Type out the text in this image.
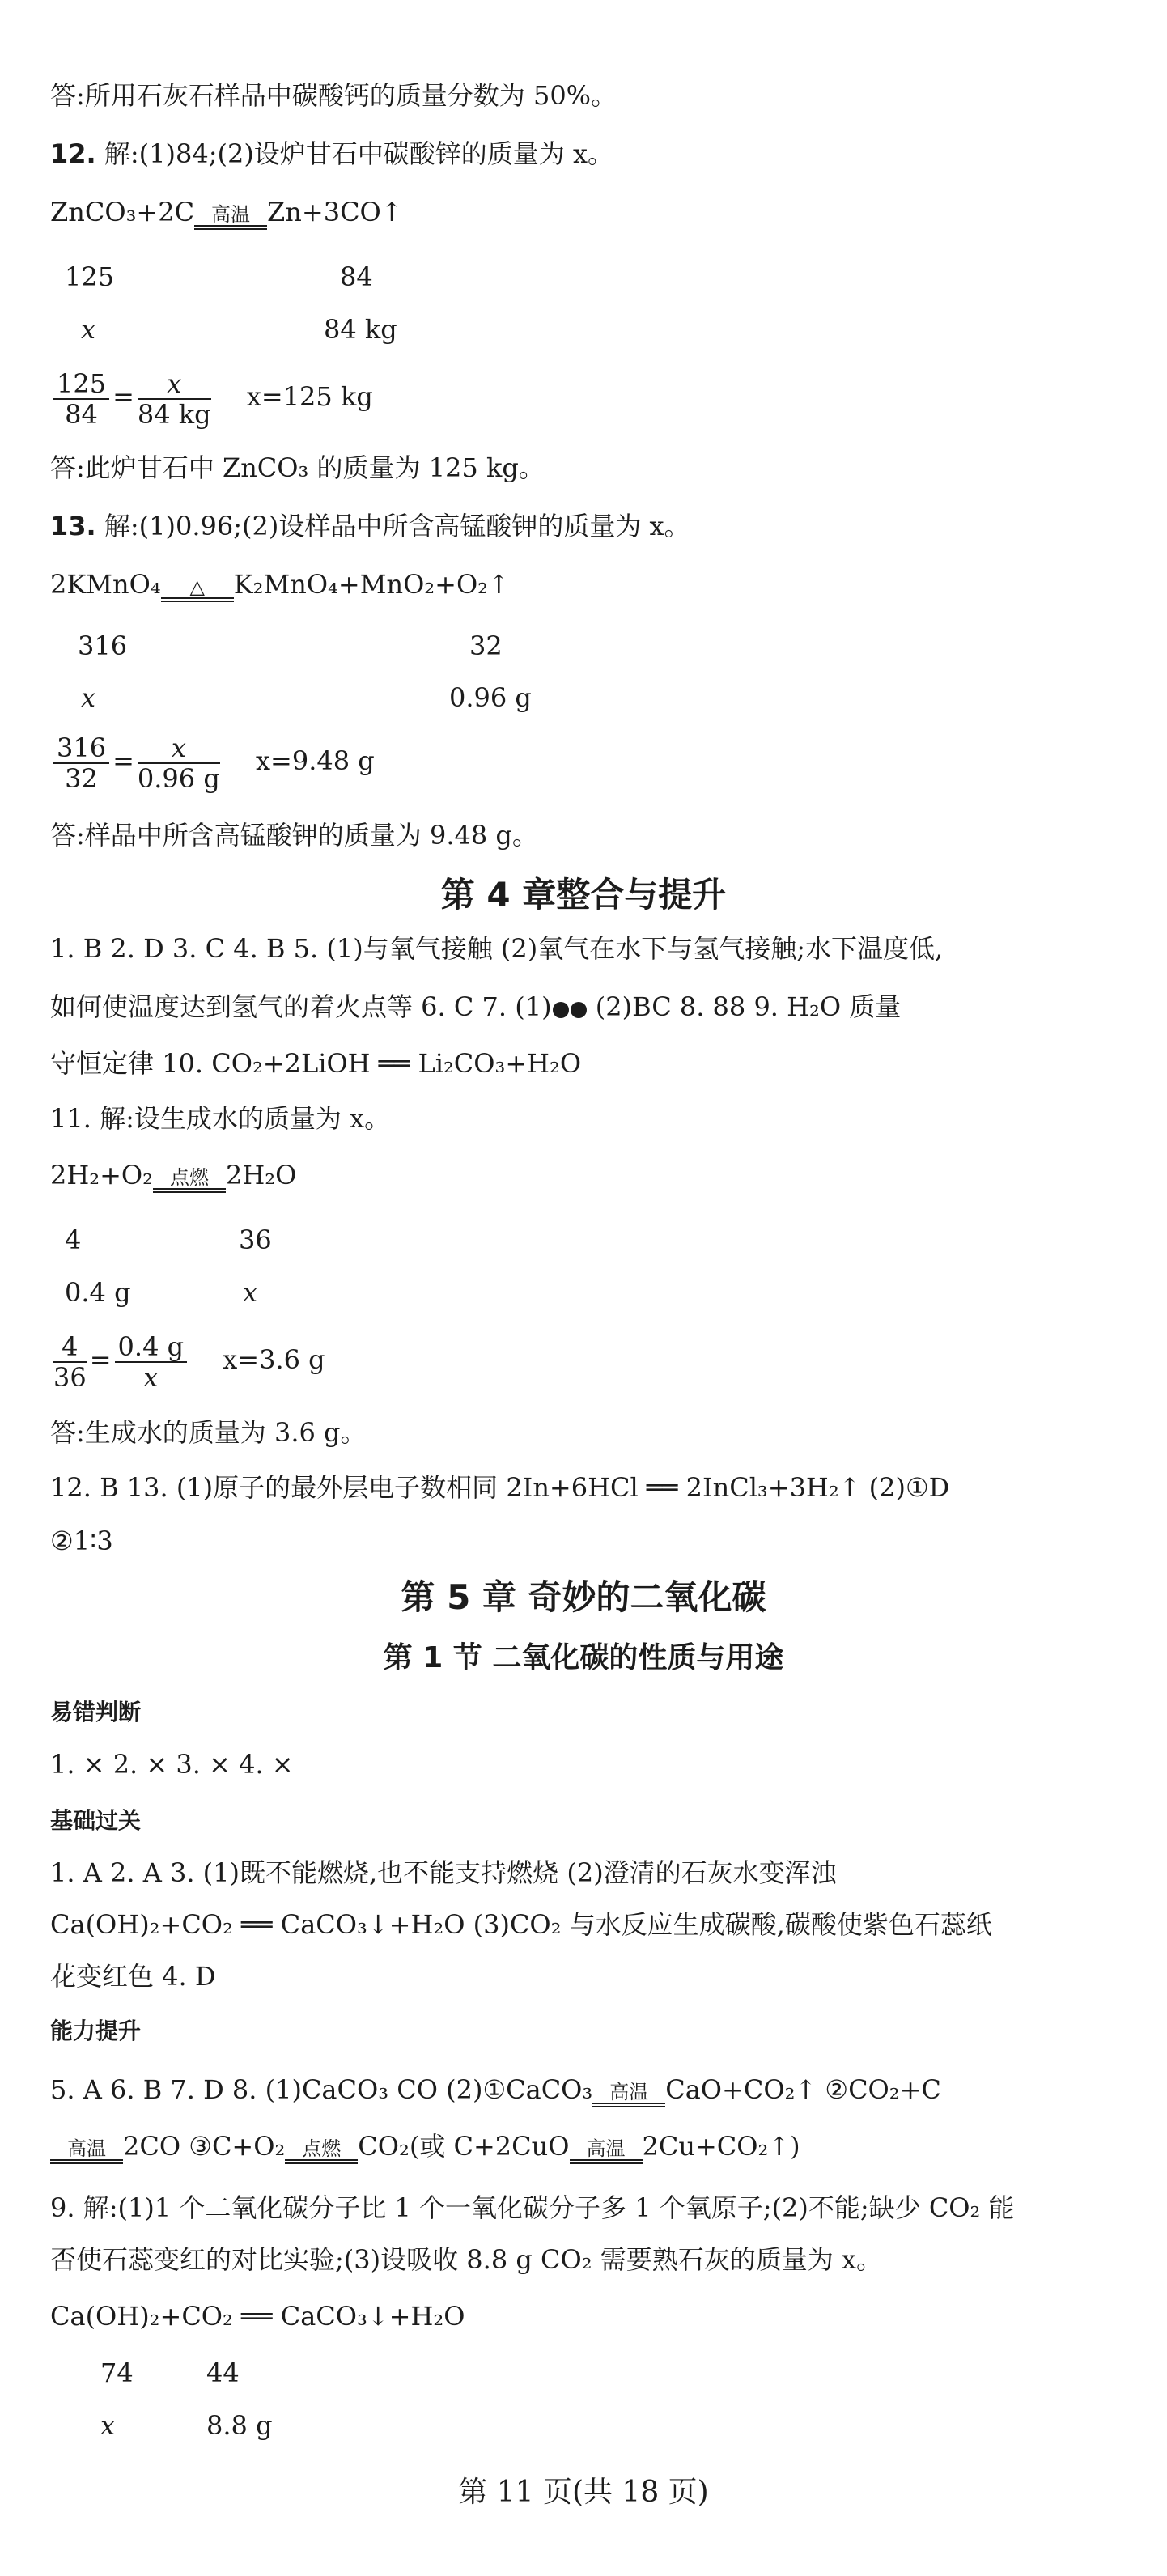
答:所用石灰石样品中碳酸钙的质量分数为 50%。
12. 解:(1)84;(2)设炉甘石中碳酸锌的质量为 x。
ZnCO₃+2C 高温 Zn+3CO↑
125	84
x	84 kg
$\frac{125}{84} = \frac{x}{84 kg} x=125$ kg
答:此炉甘石中 ZnCO₃ 的质量为 125 kg。
13. 解:(1)0.96;(2)设样品中所含高锰酸钾的质量为 x。
2KMnO₄	△	K₂MnO₄+MnO₂+O₂↑
316	32
x	0.96 g
$\frac{316}{32} = \frac{x}{0.96 g} x=9.48$ g
答:样品中所含高锰酸钾的质量为 9.48 g。
第 4 章整合与提升
1. B 2. D 3. C 4. B 5. (1)与氧气接触 (2)氧气在水下与氢气接触;水下温度低,
如何使温度达到氢气的着火点等 6. C 7. (1) (2)BC 8. 88 9. H₂O 质量
守恒定律 10. CO₂+2LiOH ══ Li₂CO₃+H₂O
11. 解:设生成水的质量为 x。
2H₂+O₂ 点燃 2H₂O
4	36
0.4 g	x
$\frac{4}{36} = \frac{0.4 g}{x} x=3.6$ g
答:生成水的质量为 3.6 g。
12. B 13. (1)原子的最外层电子数相同 2In+6HCl ══ 2InCl₃+3H₂↑ (2)①D
②1∶3
第 5 章 奇妙的二氧化碳
第 1 节 二氧化碳的性质与用途
易错判断
1. × 2. × 3. × 4. ×
基础过关
1. A 2. A 3. (1)既不能燃烧,也不能支持燃烧 (2)澄清的石灰水变浑浊
Ca(OH)₂+CO₂ ══ CaCO₃↓+H₂O (3)CO₂ 与水反应生成碳酸,碳酸使紫色石蕊纸
花变红色 4. D
能力提升
5. A 6. B 7. D 8. (1)CaCO₃ CO (2)①CaCO₃ 高温 CaO+CO₂↑ ②CO₂+C
高温 2CO ③C+O₂ 点燃 CO₂(或 C+2CuO 高温 2Cu+CO₂↑)
9. 解:(1)1 个二氧化碳分子比 1 个一氧化碳分子多 1 个氧原子;(2)不能;缺少 CO₂ 能
否使石蕊变红的对比实验;(3)设吸收 8.8 g CO₂ 需要熟石灰的质量为 x。
Ca(OH)₂+CO₂ ══ CaCO₃↓+H₂O
74	44
x	8.8 g
第 11 页(共 18 页)
